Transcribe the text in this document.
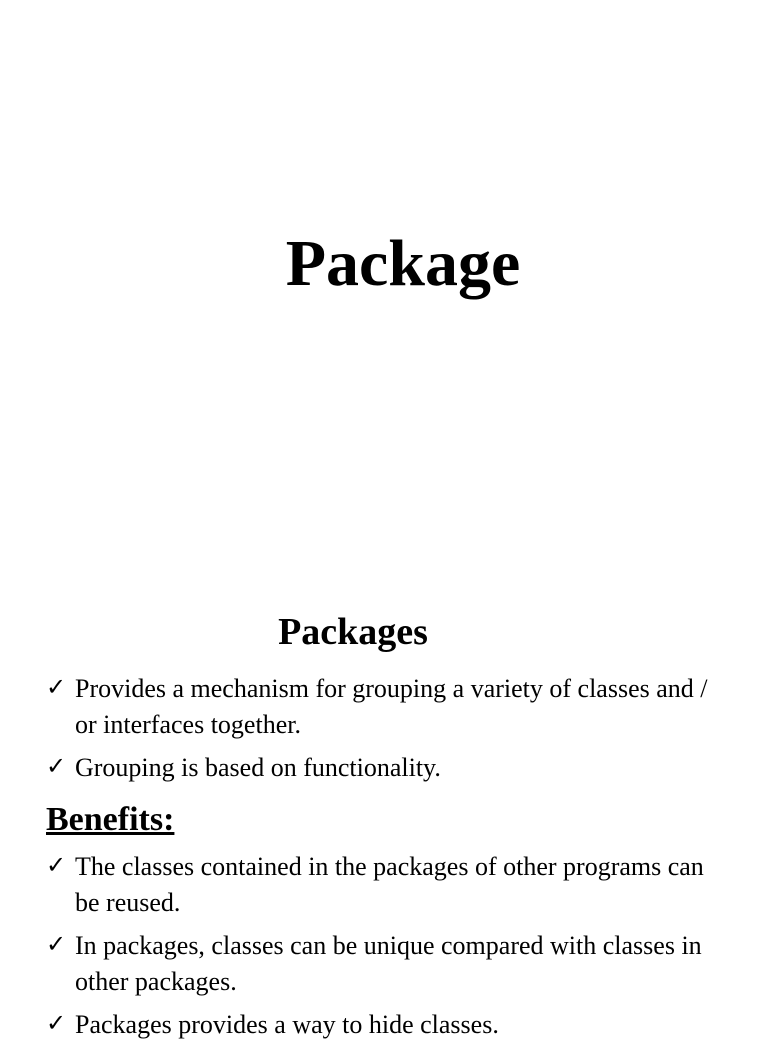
Package
Packages
✓ Provides a mechanism for grouping a variety of classes and / or interfaces together.
✓ Grouping is based on functionality.
Benefits:
✓ The classes contained in the packages of other programs can be reused.
✓ In packages, classes can be unique compared with classes in other packages.
✓ Packages provides a way to hide classes.
